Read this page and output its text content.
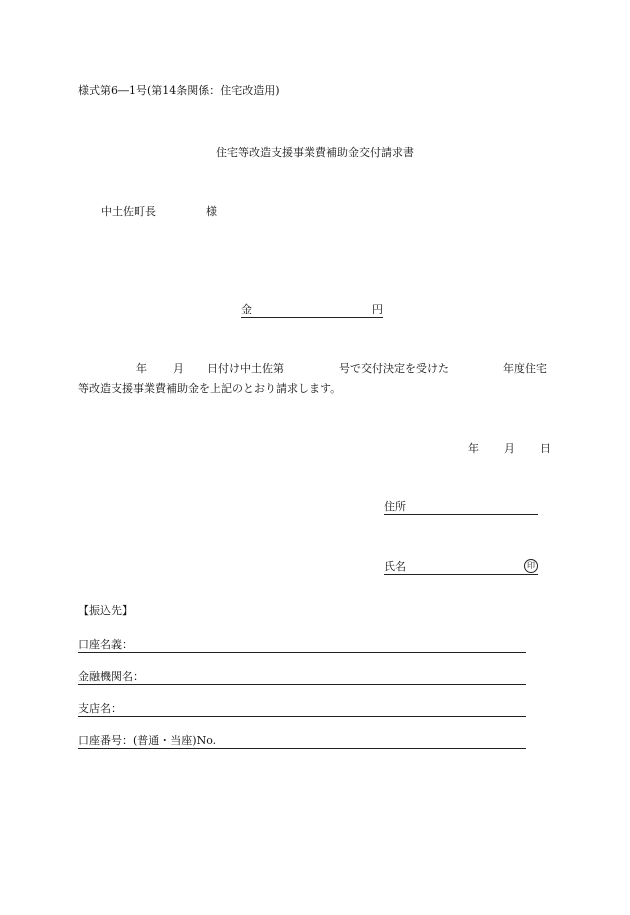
様式第6―1号(第14条関係：住宅改造用)
住宅等改造支援事業費補助金交付請求書
中土佐町長	様
金	円
年 月 日付け中土佐第	号で交付決定を受けた	年度住宅
等改造支援事業費補助金を上記のとおり請求します。
年 月 日
住所
氏名	印
【振込先】
口座名義：
金融機関名：
支店名：
口座番号：(普通・当座)No.
